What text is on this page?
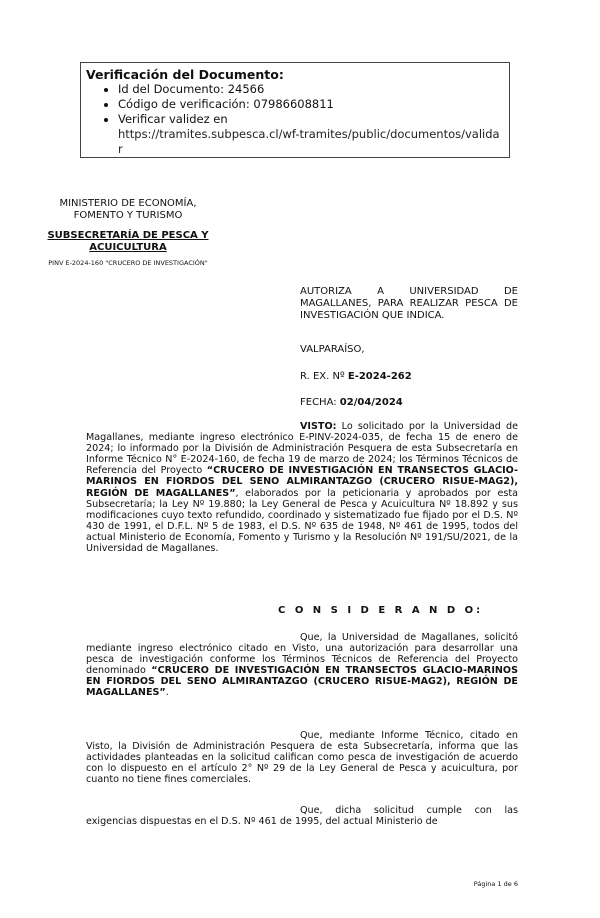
Verificación del Documento:
• Id del Documento: 24566
• Código de verificación: 07986608811
• Verificar validez en
https://tramites.subpesca.cl/wf-tramites/public/documentos/validar
MINISTERIO DE ECONOMÍA,
FOMENTO Y TURISMO
SUBSECRETARÍA DE PESCA Y ACUICULTURA
PINV E-2024-160 "CRUCERO DE INVESTIGACIÓN"
AUTORIZA A UNIVERSIDAD DE MAGALLANES, PARA REALIZAR PESCA DE INVESTIGACIÓN QUE INDICA.
VALPARAÍSO,
R. EX. Nº E-2024-262
FECHA: 02/04/2024
VISTO: Lo solicitado por la Universidad de Magallanes, mediante ingreso electrónico E-PINV-2024-035, de fecha 15 de enero de 2024; lo informado por la División de Administración Pesquera de esta Subsecretaría en Informe Técnico N° E-2024-160, de fecha 19 de marzo de 2024; los Términos Técnicos de Referencia del Proyecto “CRUCERO DE INVESTIGACIÓN EN TRANSECTOS GLACIO-MARINOS EN FIORDOS DEL SENO ALMIRANTAZGO (CRUCERO RISUE-MAG2), REGIÓN DE MAGALLANES”, elaborados por la peticionaria y aprobados por esta Subsecretaría; la Ley Nº 19.880; la Ley General de Pesca y Acuicultura Nº 18.892 y sus modificaciones cuyo texto refundido, coordinado y sistematizado fue fijado por el D.S. Nº 430 de 1991, el D.F.L. Nº 5 de 1983, el D.S. Nº 635 de 1948, Nº 461 de 1995, todos del actual Ministerio de Economía, Fomento y Turismo y la Resolución Nº 191/SU/2021, de la Universidad de Magallanes.
C O N S I D E R A N D O:
Que, la Universidad de Magallanes, solicitó mediante ingreso electrónico citado en Visto, una autorización para desarrollar una pesca de investigación conforme los Términos Técnicos de Referencia del Proyecto denominado “CRUCERO DE INVESTIGACIÓN EN TRANSECTOS GLACIO-MARINOS EN FIORDOS DEL SENO ALMIRANTAZGO (CRUCERO RISUE-MAG2), REGIÓN DE MAGALLANES”.
Que, mediante Informe Técnico, citado en Visto, la División de Administración Pesquera de esta Subsecretaría, informa que las actividades planteadas en la solicitud califican como pesca de investigación de acuerdo con lo dispuesto en el artículo 2° Nº 29 de la Ley General de Pesca y acuicultura, por cuanto no tiene fines comerciales.
Que, dicha solicitud cumple con las exigencias dispuestas en el D.S. Nº 461 de 1995, del actual Ministerio de
Página 1 de 6
